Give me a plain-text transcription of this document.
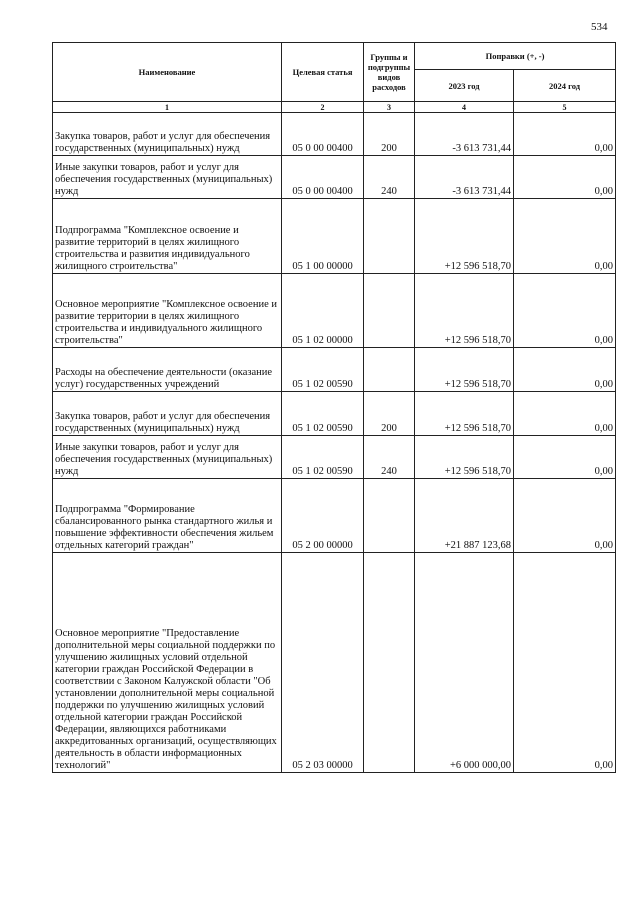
534
Наименование	Целевая статья	Группы и подгруппы видов расходов	Поправки (+, -)	
			2023 год	2024 год
1	2	3	4	5
Закупка товаров, работ и услуг для обеспечения государственных (муниципальных) нужд	05 0 00 00400	200	-3 613 731,44	0,00
Иные закупки товаров, работ и услуг для обеспечения государственных (муниципальных) нужд	05 0 00 00400	240	-3 613 731,44	0,00
Подпрограмма "Комплексное освоение и развитие территорий в целях жилищного строительства и развития индивидуального жилищного строительства"	05 1 00 00000		+12 596 518,70	0,00
Основное мероприятие "Комплексное освоение и развитие территории в целях жилищного строительства и индивидуального жилищного строительства"	05 1 02 00000		+12 596 518,70	0,00
Расходы на обеспечение деятельности (оказание услуг) государственных учреждений	05 1 02 00590		+12 596 518,70	0,00
Закупка товаров, работ и услуг для обеспечения государственных (муниципальных) нужд	05 1 02 00590	200	+12 596 518,70	0,00
Иные закупки товаров, работ и услуг для обеспечения государственных (муниципальных) нужд	05 1 02 00590	240	+12 596 518,70	0,00
Подпрограмма "Формирование сбалансированного рынка стандартного жилья и повышение эффективности обеспечения жильем отдельных категорий граждан"	05 2 00 00000		+21 887 123,68	0,00
Основное мероприятие "Предоставление дополнительной меры социальной поддержки по улучшению жилищных условий отдельной категории граждан Российской Федерации в соответствии с Законом Калужской области "Об установлении дополнительной меры социальной поддержки по улучшению жилищных условий отдельной категории граждан Российской Федерации, являющихся работниками аккредитованных организаций, осуществляющих деятельность в области информационных технологий"	05 2 03 00000		+6 000 000,00	0,00
